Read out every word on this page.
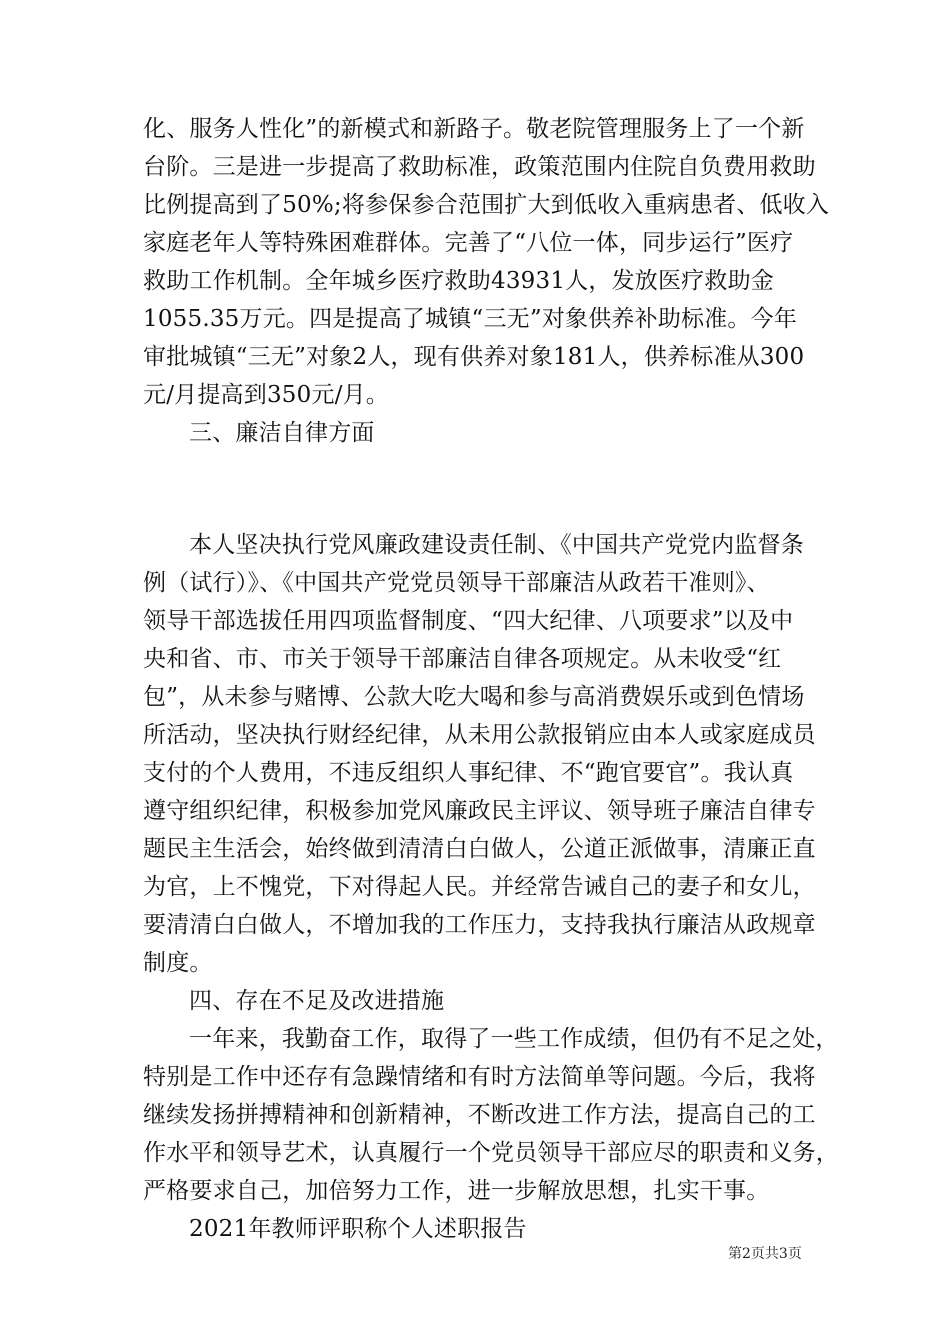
化、服务人性化”的新模式和新路子。敬老院管理服务上了一个新
台阶。三是进一步提高了救助标准，政策范围内住院自负费用救助
比例提高到了50%;将参保参合范围扩大到低收入重病患者、低收入
家庭老年人等特殊困难群体。完善了“八位一体，同步运行”医疗
救助工作机制。全年城乡医疗救助43931人，发放医疗救助金
1055.35万元。四是提高了城镇“三无”对象供养补助标准。今年
审批城镇“三无”对象2人，现有供养对象181人，供养标准从300
元/月提高到350元/月。
三、廉洁自律方面
本人坚决执行党风廉政建设责任制、《中国共产党党内监督条
例（试行）》、《中国共产党党员领导干部廉洁从政若干准则》、
领导干部选拔任用四项监督制度、“四大纪律、八项要求”以及中
央和省、市、市关于领导干部廉洁自律各项规定。从未收受“红
包”，从未参与赌博、公款大吃大喝和参与高消费娱乐或到色情场
所活动，坚决执行财经纪律，从未用公款报销应由本人或家庭成员
支付的个人费用，不违反组织人事纪律、不“跑官要官”。我认真
遵守组织纪律，积极参加党风廉政民主评议、领导班子廉洁自律专
题民主生活会，始终做到清清白白做人，公道正派做事，清廉正直
为官，上不愧党，下对得起人民。并经常告诫自己的妻子和女儿，
要清清白白做人，不增加我的工作压力，支持我执行廉洁从政规章
制度。
四、存在不足及改进措施
一年来，我勤奋工作，取得了一些工作成绩，但仍有不足之处，
特别是工作中还存有急躁情绪和有时方法简单等问题。今后，我将
继续发扬拼搏精神和创新精神，不断改进工作方法，提高自己的工
作水平和领导艺术，认真履行一个党员领导干部应尽的职责和义务，
严格要求自己，加倍努力工作，进一步解放思想，扎实干事。
2021年教师评职称个人述职报告
第2页共3页
